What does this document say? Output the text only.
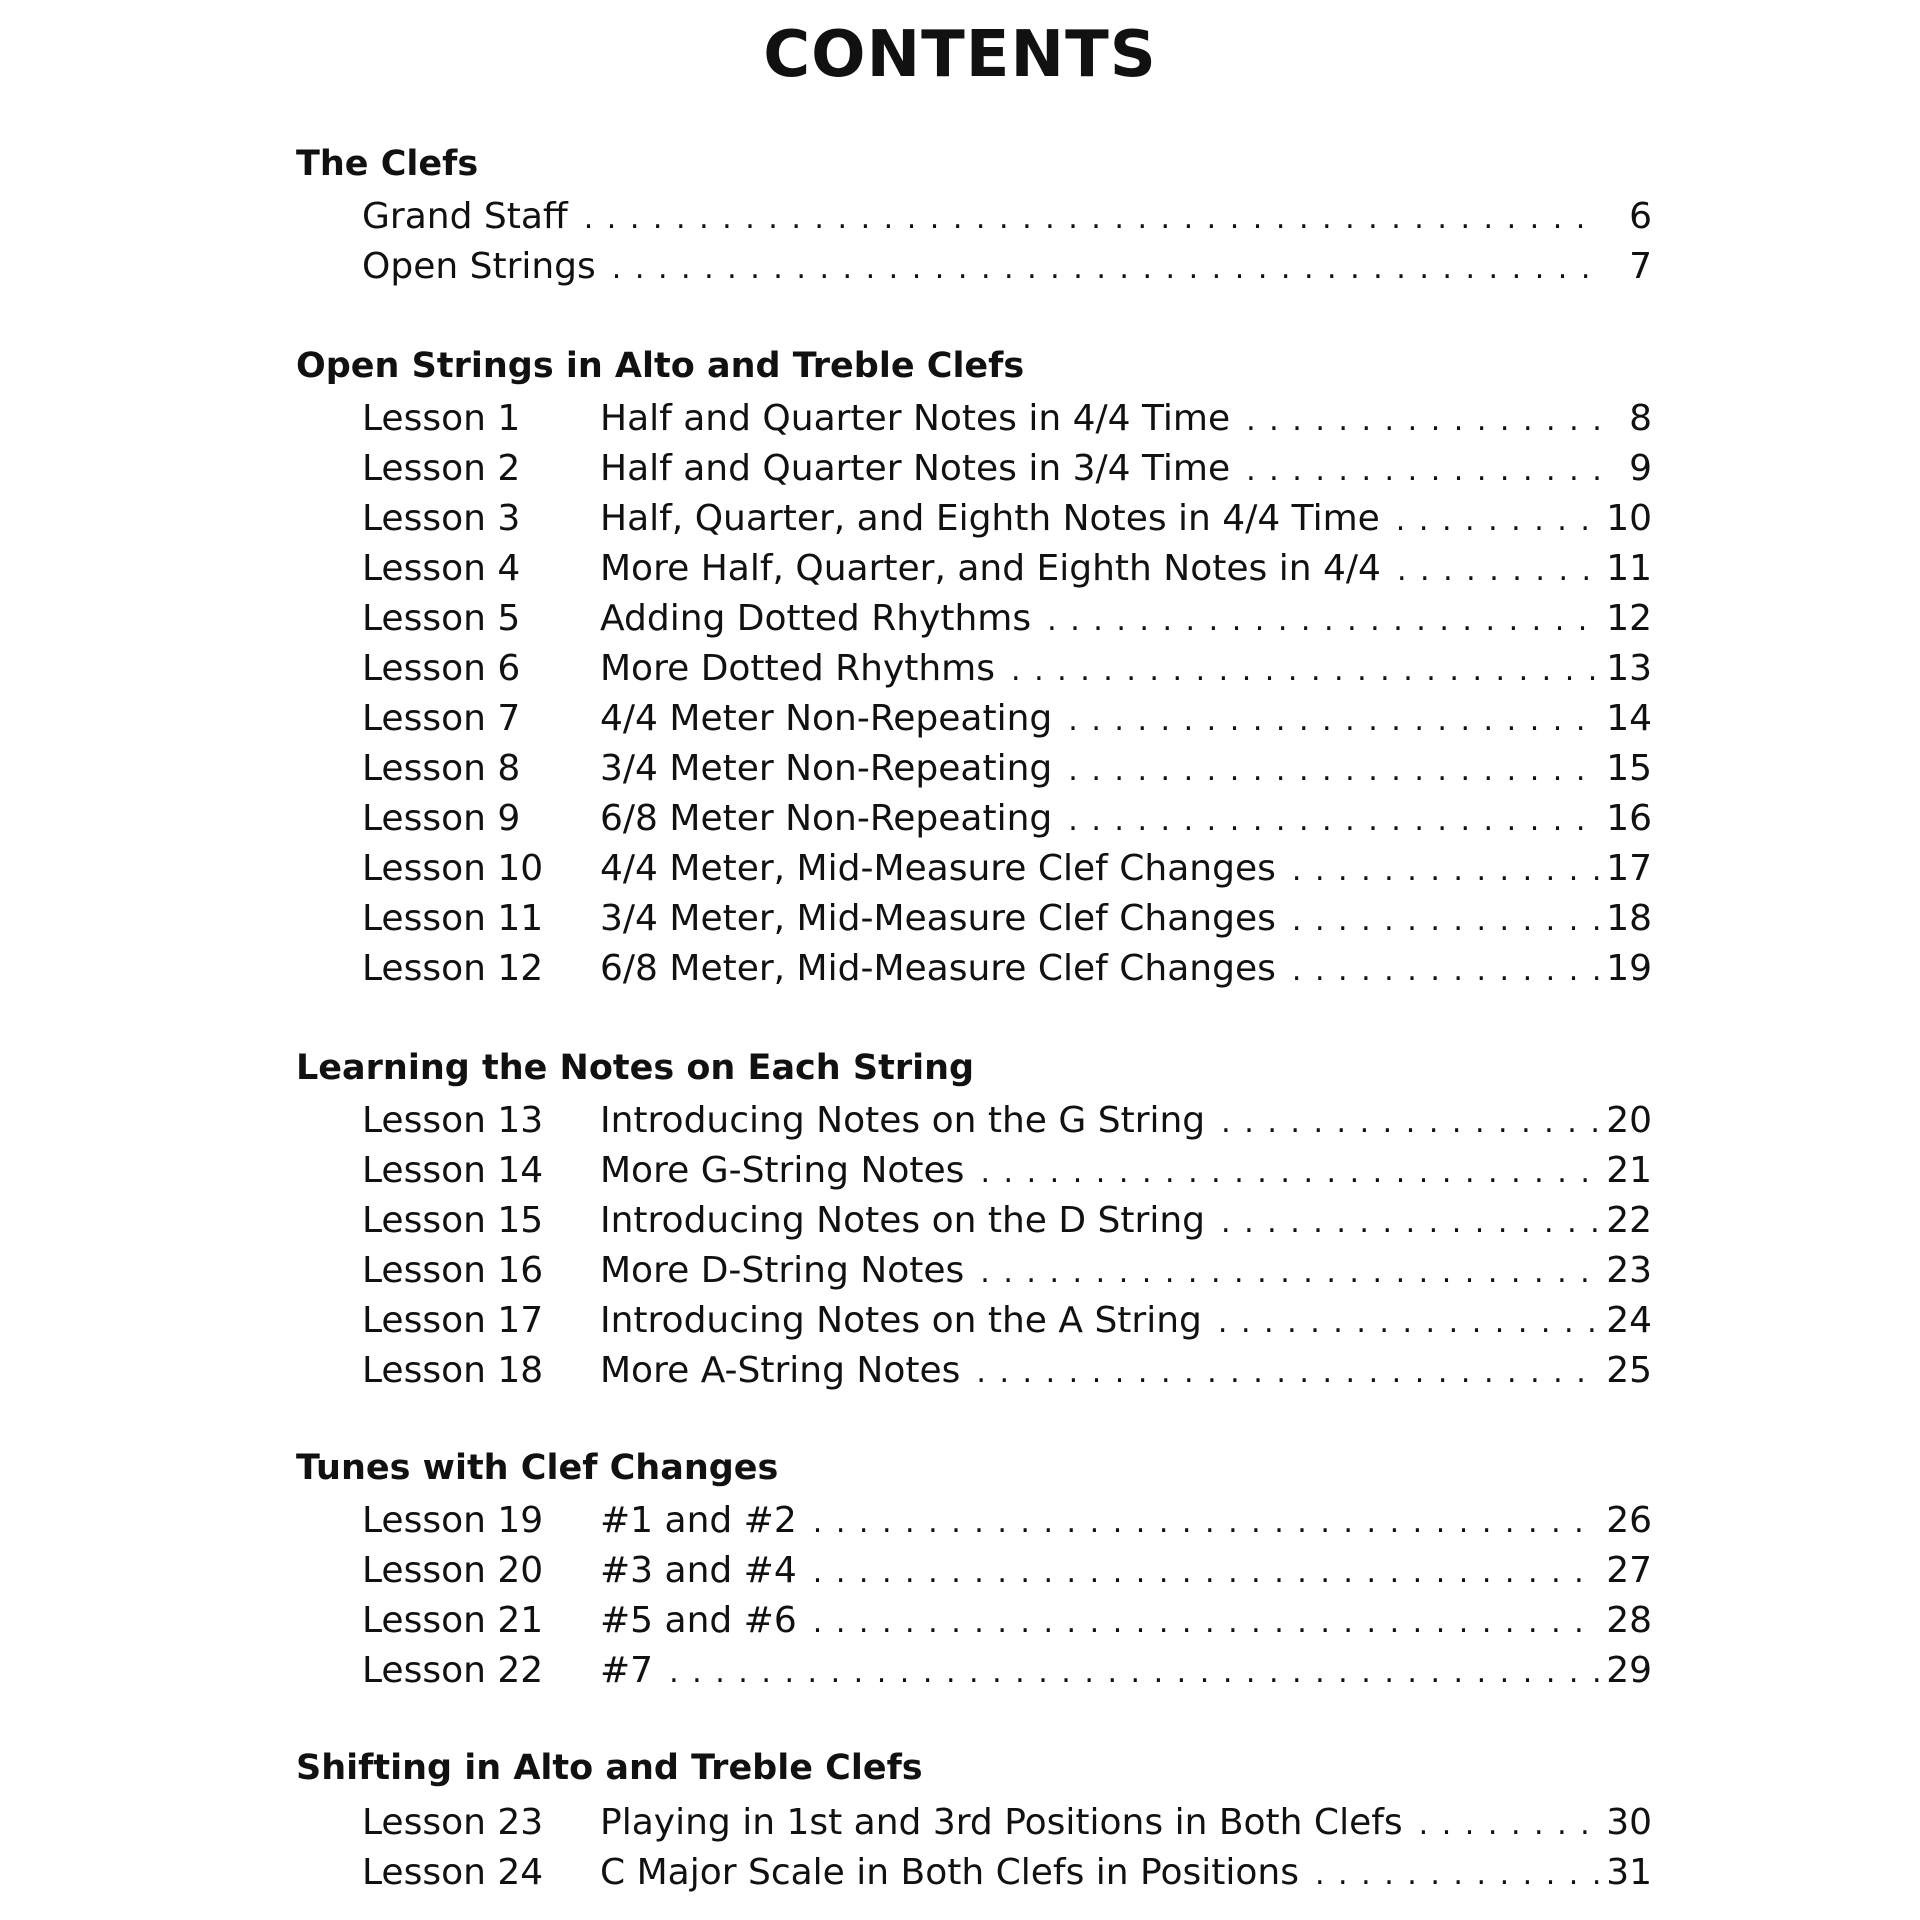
CONTENTS
The Clefs
Grand Staff . . .	6
Open Strings . . .	7
Open Strings in Alto and Treble Clefs
Lesson 1	Half and Quarter Notes in 4/4 Time . . .	8
Lesson 2	Half and Quarter Notes in 3/4 Time . . .	9
Lesson 3	Half, Quarter, and Eighth Notes in 4/4 Time . . .	10
Lesson 4	More Half, Quarter, and Eighth Notes in 4/4 . . .	11
Lesson 5	Adding Dotted Rhythms . . .	12
Lesson 6	More Dotted Rhythms . . .	13
Lesson 7	4/4 Meter Non-Repeating . . .	14
Lesson 8	3/4 Meter Non-Repeating . . .	15
Lesson 9	6/8 Meter Non-Repeating . . .	16
Lesson 10	4/4 Meter, Mid-Measure Clef Changes . . .	17
Lesson 11	3/4 Meter, Mid-Measure Clef Changes . . .	18
Lesson 12	6/8 Meter, Mid-Measure Clef Changes . . .	19
Learning the Notes on Each String
Lesson 13	Introducing Notes on the G String . . .	20
Lesson 14	More G-String Notes . . .	21
Lesson 15	Introducing Notes on the D String . . .	22
Lesson 16	More D-String Notes . . .	23
Lesson 17	Introducing Notes on the A String . . .	24
Lesson 18	More A-String Notes . . .	25
Tunes with Clef Changes
Lesson 19	#1 and #2 . . .	26
Lesson 20	#3 and #4 . . .	27
Lesson 21	#5 and #6 . . .	28
Lesson 22	#7 . . .	29
Shifting in Alto and Treble Clefs
Lesson 23	Playing in 1st and 3rd Positions in Both Clefs . . .	30
Lesson 24	C Major Scale in Both Clefs in Positions . . .	31
